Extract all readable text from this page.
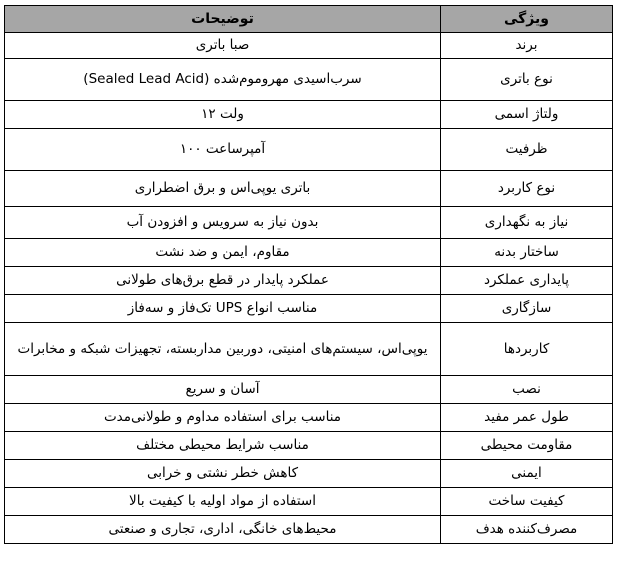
ویژگی	توضیحات
برند	صبا باتری
نوع باتری	سرب‌اسیدی مهروموم‌شده (Sealed Lead Acid)
ولتاژ اسمی	ولت ۱۲
ظرفیت	آمپرساعت ۱۰۰
نوع کاربرد	باتری یوپی‌اس و برق اضطراری
نیاز به نگهداری	بدون نیاز به سرویس و افزودن آب
ساختار بدنه	مقاوم، ایمن و ضد نشت
پایداری عملکرد	عملکرد پایدار در قطع برق‌های طولانی
سازگاری	مناسب انواع UPS تک‌فاز و سه‌فاز
کاربردها	یوپی‌اس، سیستم‌های امنیتی، دوربین مداربسته، تجهیزات شبکه و مخابرات
نصب	آسان و سریع
طول عمر مفید	مناسب برای استفاده مداوم و طولانی‌مدت
مقاومت محیطی	مناسب شرایط محیطی مختلف
ایمنی	کاهش خطر نشتی و خرابی
کیفیت ساخت	استفاده از مواد اولیه با کیفیت بالا
مصرف‌کننده هدف	محیط‌های خانگی، اداری، تجاری و صنعتی
